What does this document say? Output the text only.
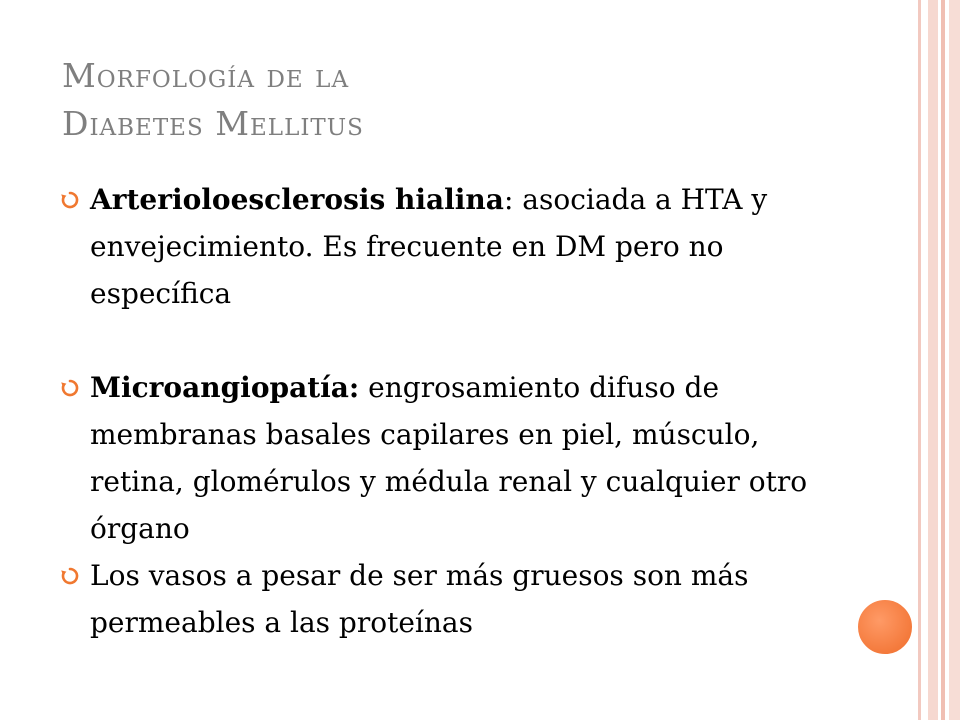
Morfología de la
Diabetes Mellitus
Arterioloesclerosis hialina: asociada a HTA y envejecimiento. Es frecuente en DM pero no específica
Microangiopatía: engrosamiento difuso de membranas basales capilares en piel, músculo, retina, glomérulos y médula renal y cualquier otro órgano
Los vasos a pesar de ser más gruesos son más permeables a las proteínas
